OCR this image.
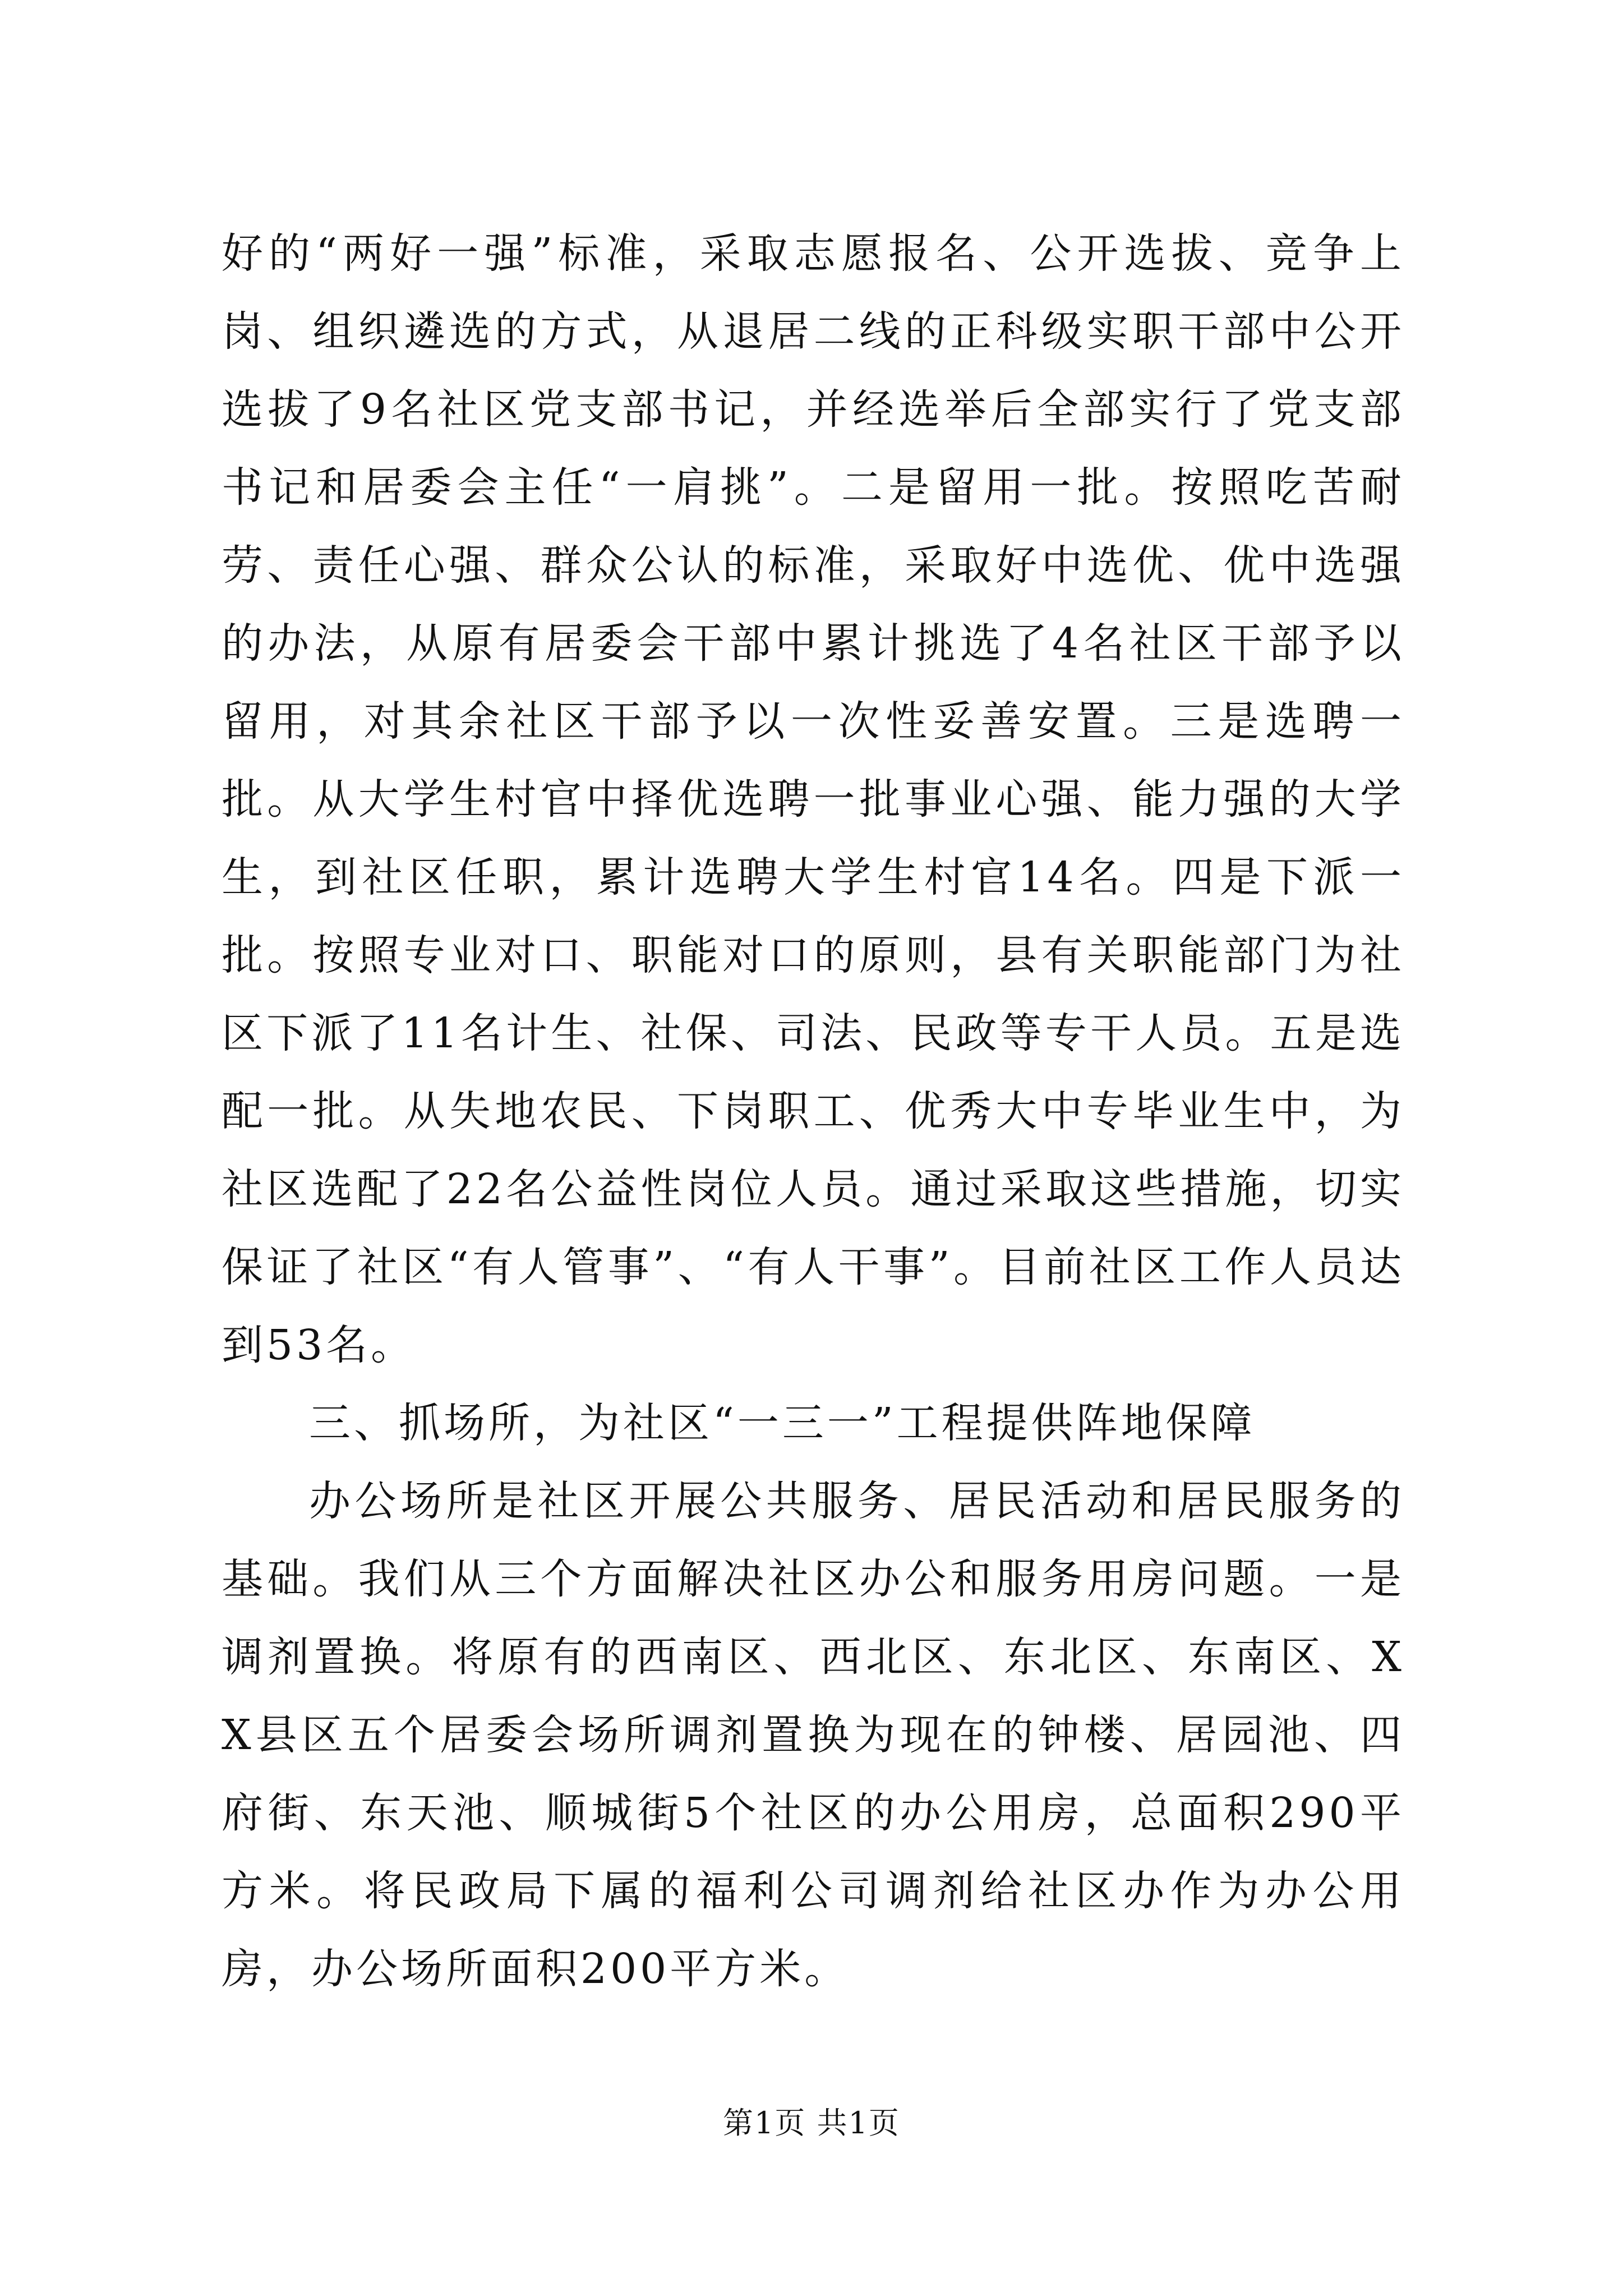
好的“两好一强”标准，采取志愿报名、公开选拔、竞争上岗、组织遴选的方式，从退居二线的正科级实职干部中公开选拔了9名社区党支部书记，并经选举后全部实行了党支部书记和居委会主任“一肩挑”。二是留用一批。按照吃苦耐劳、责任心强、群众公认的标准，采取好中选优、优中选强的办法，从原有居委会干部中累计挑选了4名社区干部予以留用，对其余社区干部予以一次性妥善安置。三是选聘一批。从大学生村官中择优选聘一批事业心强、能力强的大学生，到社区任职，累计选聘大学生村官14名。四是下派一批。按照专业对口、职能对口的原则，县有关职能部门为社区下派了11名计生、社保、司法、民政等专干人员。五是选配一批。从失地农民、下岗职工、优秀大中专毕业生中，为社区选配了22名公益性岗位人员。通过采取这些措施，切实保证了社区“有人管事”、“有人干事”。目前社区工作人员达到53名。

三、抓场所，为社区“一三一”工程提供阵地保障

办公场所是社区开展公共服务、居民活动和居民服务的基础。我们从三个方面解决社区办公和服务用房问题。一是调剂置换。将原有的西南区、西北区、东北区、东南区、XX县区五个居委会场所调剂置换为现在的钟楼、居园池、四府街、东天池、顺城街5个社区的办公用房，总面积290平方米。将民政局下属的福利公司调剂给社区办作为办公用房，办公场所面积200平方米。

第1页 共1页
